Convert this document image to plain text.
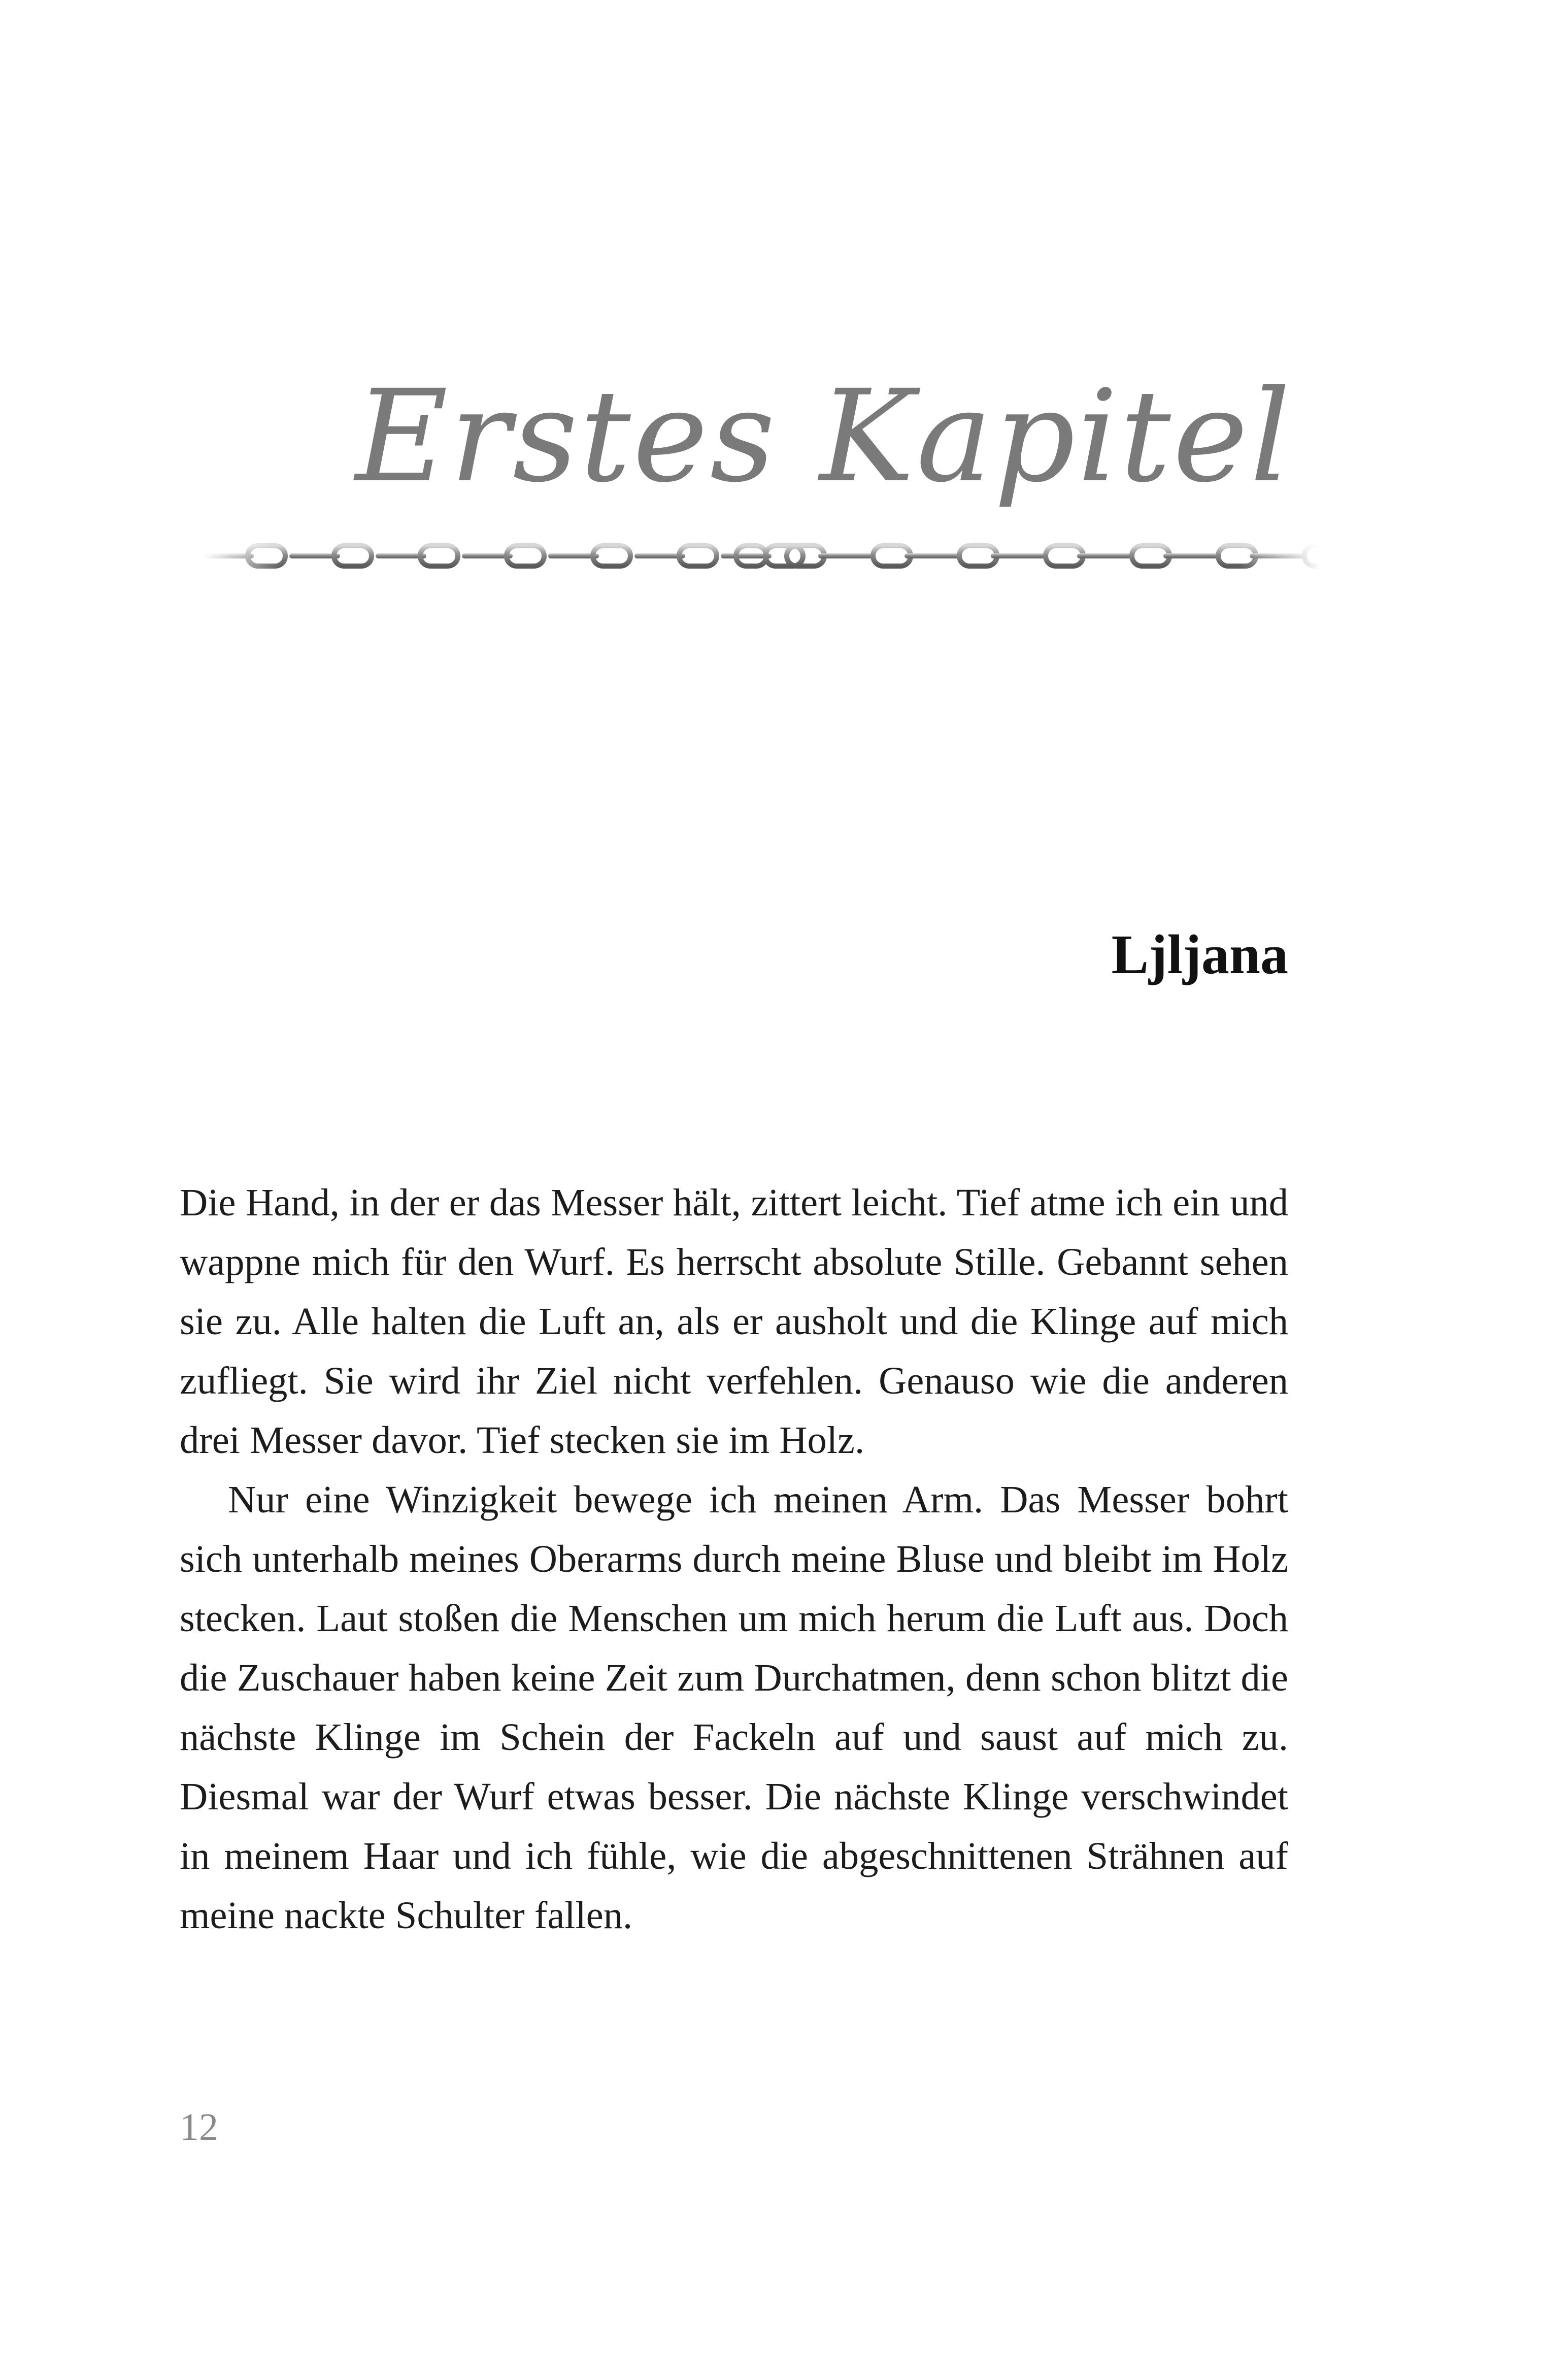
Erstes Kapitel
Ljljana

Die Hand, in der er das Messer hält, zittert leicht. Tief atme ich ein und wappne mich für den Wurf. Es herrscht absolute Stille. Gebannt sehen sie zu. Alle halten die Luft an, als er ausholt und die Klinge auf mich zufliegt. Sie wird ihr Ziel nicht verfehlen. Genauso wie die anderen drei Messer davor. Tief stecken sie im Holz.

Nur eine Winzigkeit bewege ich meinen Arm. Das Messer bohrt sich unterhalb meines Oberarms durch meine Bluse und bleibt im Holz stecken. Laut stoßen die Menschen um mich herum die Luft aus. Doch die Zuschauer haben keine Zeit zum Durchatmen, denn schon blitzt die nächste Klinge im Schein der Fackeln auf und saust auf mich zu. Diesmal war der Wurf etwas besser. Die nächste Klinge verschwindet in meinem Haar und ich fühle, wie die abgeschnittenen Strähnen auf meine nackte Schulter fallen.

12
